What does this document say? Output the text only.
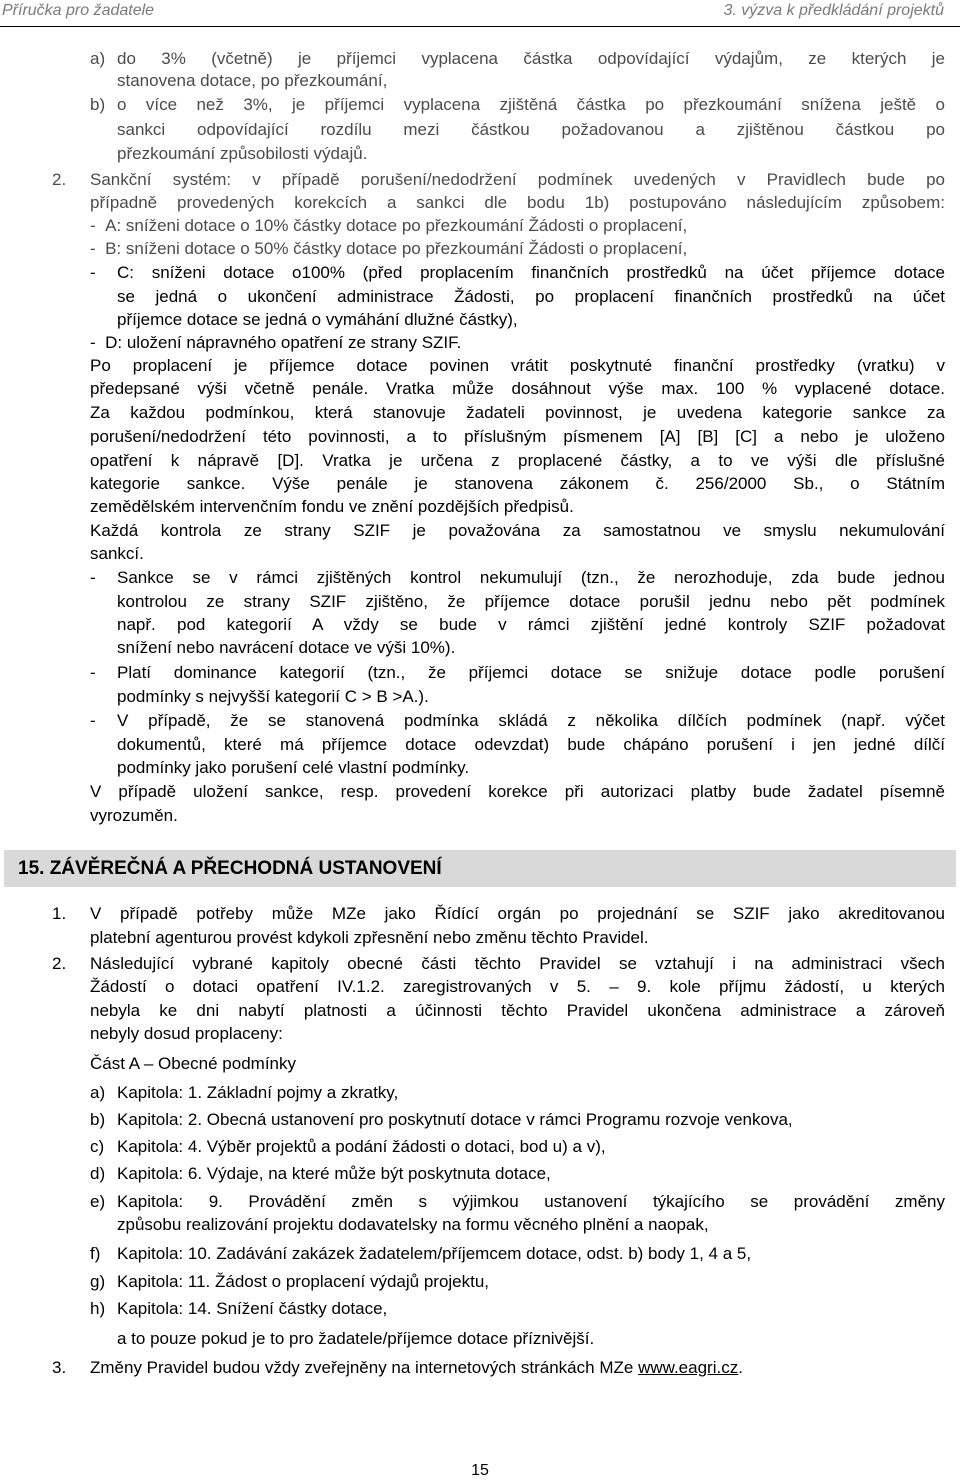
Příručka pro žadatele	3. výzva k předkládání projektů
a) do 3% (včetně) je příjemci vyplacena částka odpovídající výdajům, ze kterých je
stanovena dotace, po přezkoumání,
b) o více než 3%, je příjemci vyplacena zjištěná částka po přezkoumání snížena ještě o
sankci odpovídající rozdílu mezi částkou požadovanou a zjištěnou částkou po
přezkoumání způsobilosti výdajů.
2. Sankční systém: v případě porušení/nedodržení podmínek uvedených v Pravidlech bude po
případně provedených korekcích a sankci dle bodu 1b) postupováno následujícím způsobem:
-  A: sníženi dotace o 10% částky dotace po přezkoumání Žádosti o proplacení,
-  B: sníženi dotace o 50% částky dotace po přezkoumání Žádosti o proplacení,
- C: sníženi dotace o100% (před proplacením finančních prostředků na účet příjemce dotace
se jedná o ukončení administrace Žádosti, po proplacení finančních prostředků na účet
příjemce dotace se jedná o vymáhání dlužné částky),
-  D: uložení nápravného opatření ze strany SZIF.
Po proplacení je příjemce dotace povinen vrátit poskytnuté finanční prostředky (vratku) v
předepsané výši včetně penále. Vratka může dosáhnout výše max. 100 % vyplacené dotace.
Za každou podmínkou, která stanovuje žadateli povinnost, je uvedena kategorie sankce za
porušení/nedodržení této povinnosti, a to příslušným písmenem [A] [B] [C] a nebo je uloženo
opatření k nápravě [D]. Vratka je určena z proplacené částky, a to ve výši dle příslušné
kategorie sankce. Výše penále je stanovena zákonem č. 256/2000 Sb., o Státním
zemědělském intervenčním fondu ve znění pozdějších předpisů.
Každá kontrola ze strany SZIF je považována za samostatnou ve smyslu nekumulování
sankcí.
- Sankce se v rámci zjištěných kontrol nekumulují (tzn., že nerozhoduje, zda bude jednou
kontrolou ze strany SZIF zjištěno, že příjemce dotace porušil jednu nebo pět podmínek
např. pod kategorií A vždy se bude v rámci zjištění jedné kontroly SZIF požadovat
snížení nebo navrácení dotace ve výši 10%).
- Platí dominance kategorií (tzn., že příjemci dotace se snižuje dotace podle porušení
podmínky s nejvyšší kategorií C > B >A.).
- V případě, že se stanovená podmínka skládá z několika dílčích podmínek (např. výčet
dokumentů, které má příjemce dotace odevzdat) bude chápáno porušení i jen jedné dílčí
podmínky jako porušení celé vlastní podmínky.
V případě uložení sankce, resp. provedení korekce při autorizaci platby bude žadatel písemně
vyrozuměn.
15. ZÁVĚREČNÁ A PŘECHODNÁ USTANOVENÍ
1. V případě potřeby může MZe jako Řídící orgán po projednání se SZIF jako akreditovanou
platební agenturou provést kdykoli zpřesnění nebo změnu těchto Pravidel.
2. Následující vybrané kapitoly obecné části těchto Pravidel se vztahují i na administraci všech
Žádostí o dotaci opatření IV.1.2. zaregistrovaných v 5. – 9. kole příjmu žádostí, u kterých
nebyla ke dni nabytí platnosti a účinnosti těchto Pravidel ukončena administrace a zároveň
nebyly dosud proplaceny:
Část A – Obecné podmínky
a) Kapitola: 1. Základní pojmy a zkratky,
b) Kapitola: 2. Obecná ustanovení pro poskytnutí dotace v rámci Programu rozvoje venkova,
c) Kapitola: 4. Výběr projektů a podání žádosti o dotaci, bod u) a v),
d) Kapitola: 6. Výdaje, na které může být poskytnuta dotace,
e) Kapitola: 9. Provádění změn s výjimkou ustanovení týkajícího se provádění změny
způsobu realizování projektu dodavatelsky na formu věcného plnění a naopak,
f) Kapitola: 10. Zadávání zakázek žadatelem/příjemcem dotace, odst. b) body 1, 4 a 5,
g) Kapitola: 11. Žádost o proplacení výdajů projektu,
h) Kapitola: 14. Snížení částky dotace,
a to pouze pokud je to pro žadatele/příjemce dotace příznivější.
3. Změny Pravidel budou vždy zveřejněny na internetových stránkách MZe www.eagri.cz.
15
